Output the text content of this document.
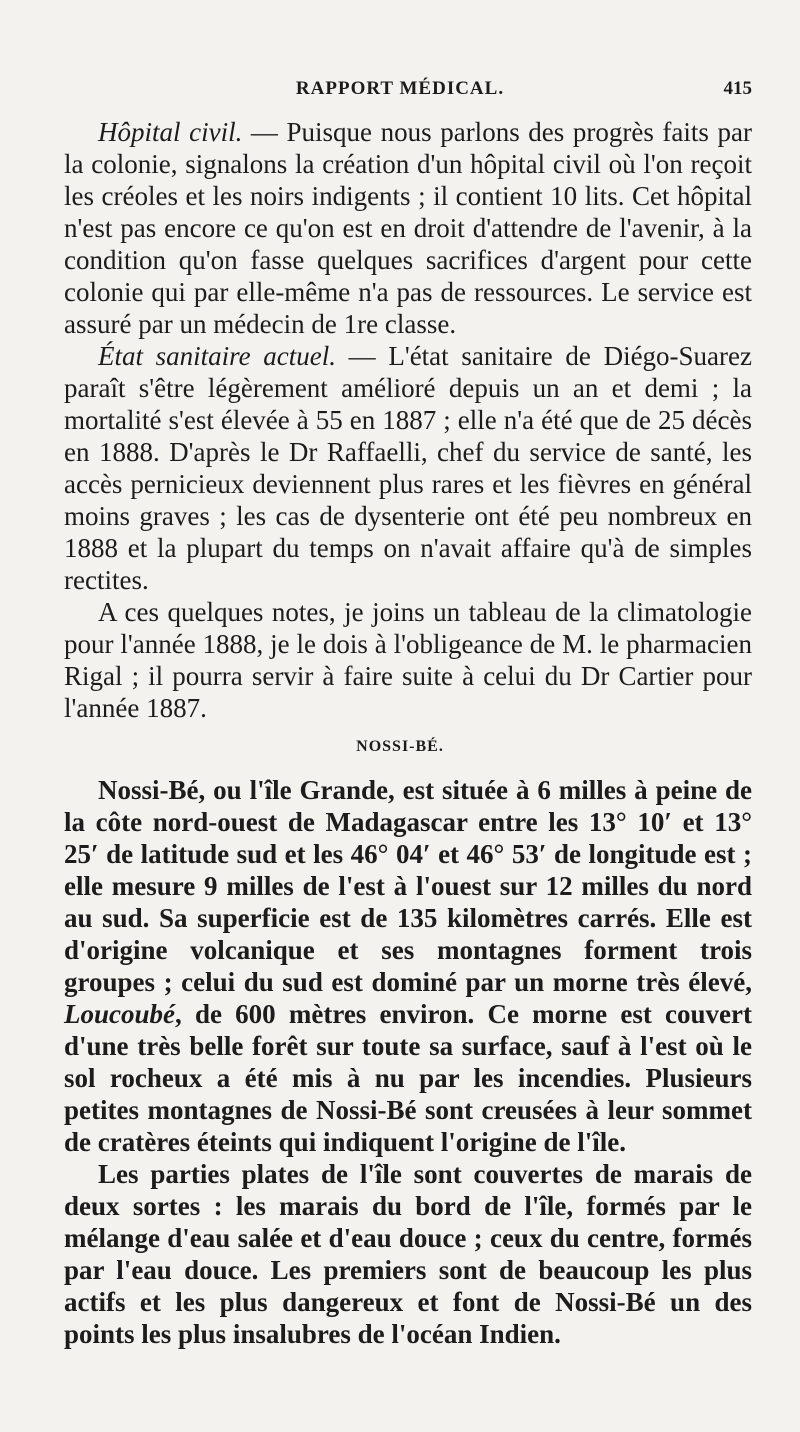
RAPPORT MÉDICAL.	415

Hôpital civil. — Puisque nous parlons des progrès faits par la colonie, signalons la création d'un hôpital civil où l'on reçoit les créoles et les noirs indigents ; il contient 10 lits. Cet hôpital n'est pas encore ce qu'on est en droit d'attendre de l'avenir, à la condition qu'on fasse quelques sacrifices d'argent pour cette colonie qui par elle-même n'a pas de ressources. Le service est assuré par un médecin de 1re classe.

État sanitaire actuel. — L'état sanitaire de Diégo-Suarez paraît s'être légèrement amélioré depuis un an et demi ; la mortalité s'est élevée à 55 en 1887 ; elle n'a été que de 25 décès en 1888. D'après le Dr Raffaelli, chef du service de santé, les accès pernicieux deviennent plus rares et les fièvres en général moins graves ; les cas de dysenterie ont été peu nombreux en 1888 et la plupart du temps on n'avait affaire qu'à de simples rectites.

A ces quelques notes, je joins un tableau de la climatologie pour l'année 1888, je le dois à l'obligeance de M. le pharmacien Rigal ; il pourra servir à faire suite à celui du Dr Cartier pour l'année 1887.

NOSSI-BÉ.

Nossi-Bé, ou l'île Grande, est située à 6 milles à peine de la côte nord-ouest de Madagascar entre les 13° 10′ et 13° 25′ de latitude sud et les 46° 04′ et 46° 53′ de longitude est ; elle mesure 9 milles de l'est à l'ouest sur 12 milles du nord au sud. Sa superficie est de 135 kilomètres carrés. Elle est d'origine volcanique et ses montagnes forment trois groupes ; celui du sud est dominé par un morne très élevé, Loucoubé, de 600 mètres environ. Ce morne est couvert d'une très belle forêt sur toute sa surface, sauf à l'est où le sol rocheux a été mis à nu par les incendies. Plusieurs petites montagnes de Nossi-Bé sont creusées à leur sommet de cratères éteints qui indiquent l'origine de l'île.

Les parties plates de l'île sont couvertes de marais de deux sortes : les marais du bord de l'île, formés par le mélange d'eau salée et d'eau douce ; ceux du centre, formés par l'eau douce. Les premiers sont de beaucoup les plus actifs et les plus dangereux et font de Nossi-Bé un des points les plus insalubres de l'océan Indien.
